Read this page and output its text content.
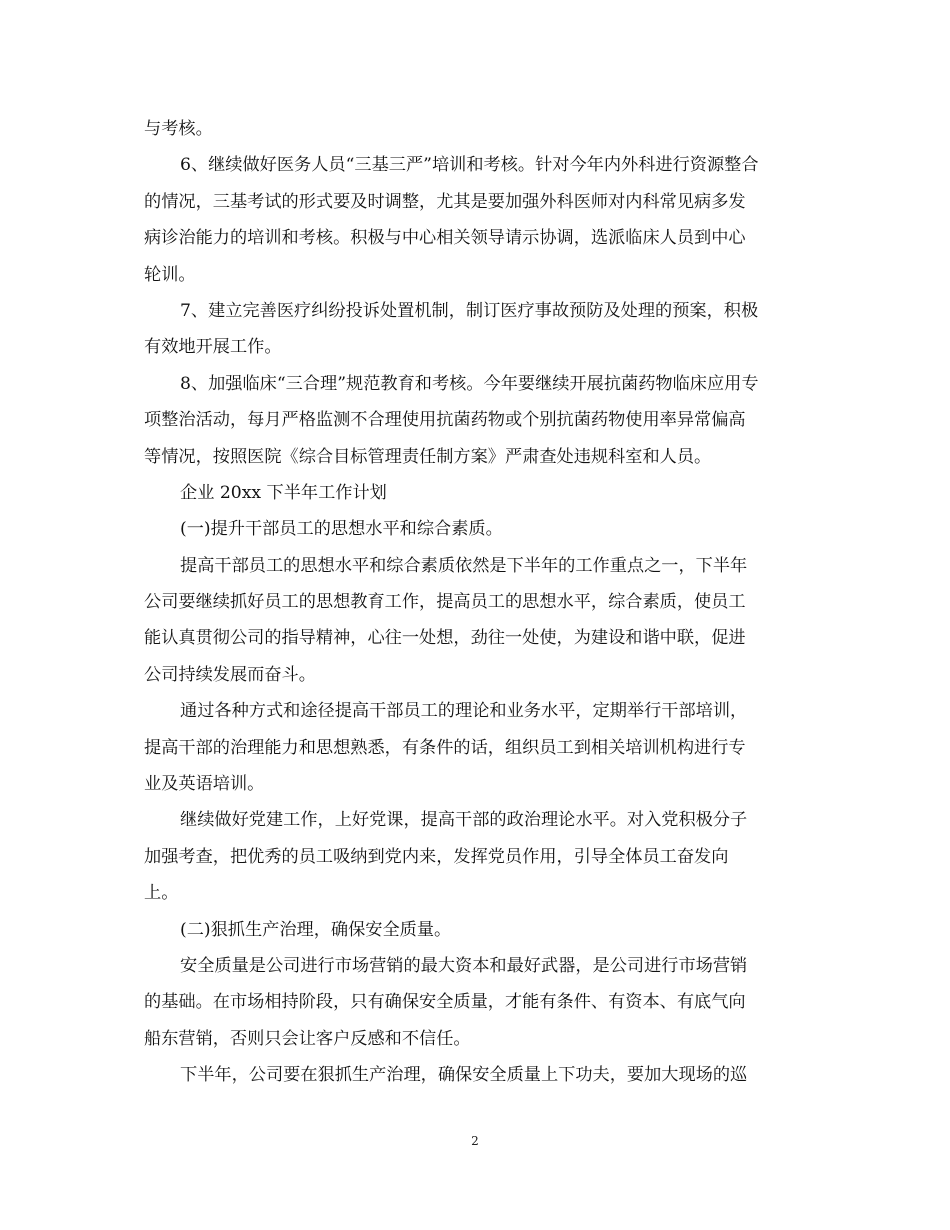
与考核。
6、继续做好医务人员“三基三严”培训和考核。针对今年内外科进行资源整合
的情况，三基考试的形式要及时调整，尤其是要加强外科医师对内科常见病多发
病诊治能力的培训和考核。积极与中心相关领导请示协调，选派临床人员到中心
轮训。
7、建立完善医疗纠纷投诉处置机制，制订医疗事故预防及处理的预案，积极
有效地开展工作。
8、加强临床“三合理”规范教育和考核。今年要继续开展抗菌药物临床应用专
项整治活动，每月严格监测不合理使用抗菌药物或个别抗菌药物使用率异常偏高
等情况，按照医院《综合目标管理责任制方案》严肃查处违规科室和人员。
企业 20xx 下半年工作计划
(一)提升干部员工的思想水平和综合素质。
提高干部员工的思想水平和综合素质依然是下半年的工作重点之一，下半年
公司要继续抓好员工的思想教育工作，提高员工的思想水平，综合素质，使员工
能认真贯彻公司的指导精神，心往一处想，劲往一处使，为建设和谐中联，促进
公司持续发展而奋斗。
通过各种方式和途径提高干部员工的理论和业务水平，定期举行干部培训，
提高干部的治理能力和思想熟悉，有条件的话，组织员工到相关培训机构进行专
业及英语培训。
继续做好党建工作，上好党课，提高干部的政治理论水平。对入党积极分子
加强考查，把优秀的员工吸纳到党内来，发挥党员作用，引导全体员工奋发向
上。
(二)狠抓生产治理，确保安全质量。
安全质量是公司进行市场营销的最大资本和最好武器，是公司进行市场营销
的基础。在市场相持阶段，只有确保安全质量，才能有条件、有资本、有底气向
船东营销，否则只会让客户反感和不信任。
下半年，公司要在狠抓生产治理，确保安全质量上下功夫，要加大现场的巡
2
